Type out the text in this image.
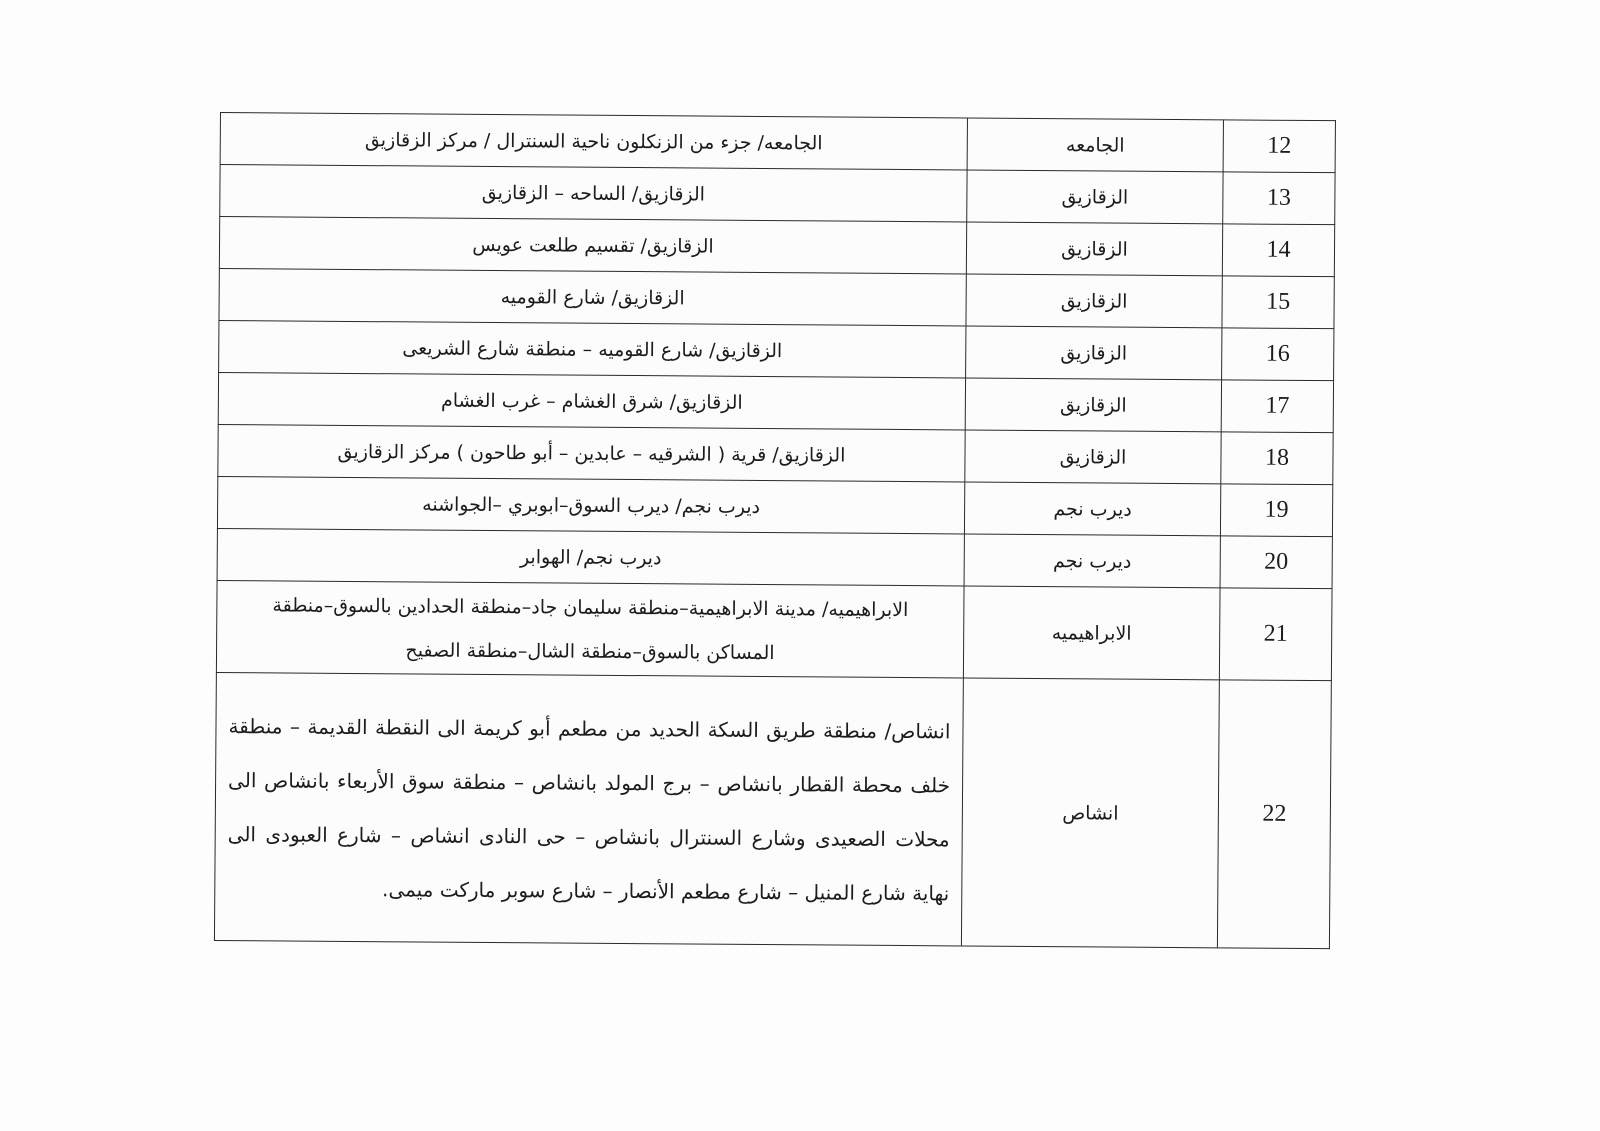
12	الجامعه	الجامعه/ جزء من الزنكلون ناحية السنترال / مركز الزقازيق
13	الزقازيق	الزقازيق/ الساحه – الزقازيق
14	الزقازيق	الزقازيق/ تقسيم طلعت عويس
15	الزقازيق	الزقازيق/ شارع القوميه
16	الزقازيق	الزقازيق/ شارع القوميه – منطقة شارع الشريعى
17	الزقازيق	الزقازيق/ شرق الغشام – غرب الغشام
18	الزقازيق	الزقازيق/ قرية ( الشرقيه – عابدين – أبو طاحون ) مركز الزقازيق
19	ديرب نجم	ديرب نجم/ ديرب السوق–ابوبري –الجواشنه
20	ديرب نجم	ديرب نجم/ الهوابر
21	الابراهيميه	الابراهيميه/ مدينة الابراهيمية–منطقة سليمان جاد–منطقة الحدادين بالسوق–منطقة المساكن بالسوق–منطقة الشال–منطقة الصفيح
22	انشاص	انشاص/ منطقة طريق السكة الحديد من مطعم أبو كريمة الى النقطة القديمة – منطقة خلف محطة القطار بانشاص – برج المولد بانشاص – منطقة سوق الأربعاء بانشاص الى محلات الصعيدى وشارع السنترال بانشاص – حى النادى انشاص – شارع العبودى الى نهاية شارع المنيل – شارع مطعم الأنصار – شارع سوبر ماركت ميمى.
